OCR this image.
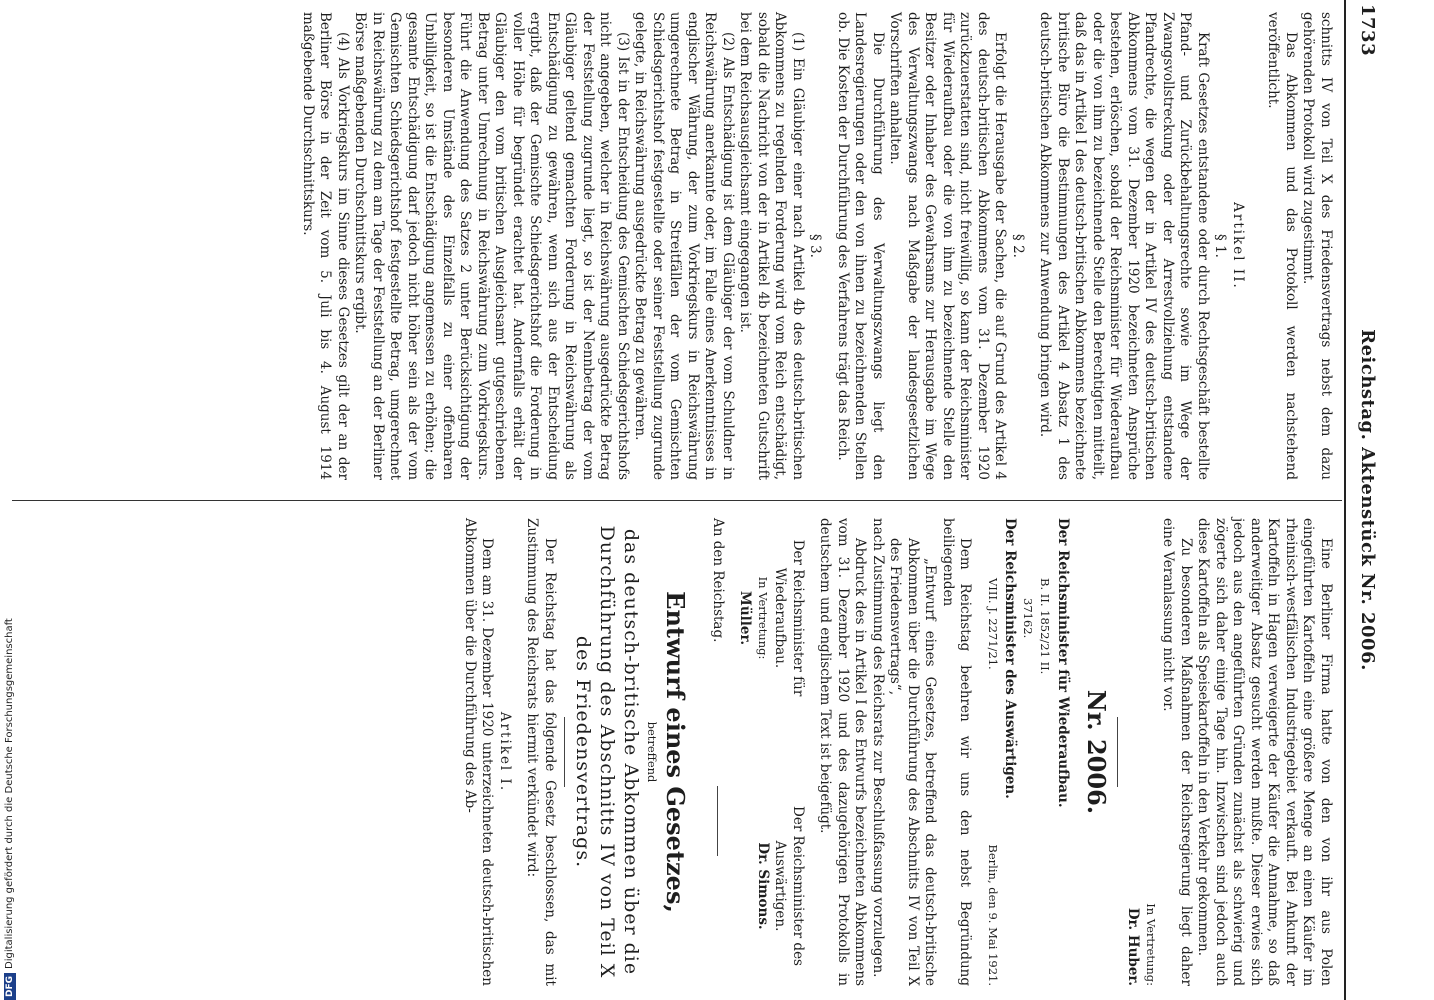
1733
Reichstag. Aktenstück Nr. 2006.

schnitts IV von Teil X des Friedensvertrags nebst dem dazu gehörenden Protokoll wird zugestimmt.

Das Abkommen und das Protokoll werden nachstehend veröffentlicht.

Artikel II.
§ 1.

Kraft Gesetzes entstandene oder durch Rechtsgeschäft bestellte Pfand- und Zurückbehaltungsrechte sowie im Wege der Zwangsvollstreckung oder der Arrestvollziehung entstandene Pfandrechte, die wegen der in Artikel IV des deutsch-britischen Abkommens vom 31. Dezember 1920 bezeichneten Ansprüche bestehen, erlöschen, sobald der Reichsminister für Wiederaufbau oder die von ihm zu bezeichnende Stelle den Berechtigten mitteilt, daß das in Artikel I des deutsch-britischen Abkommens bezeichnete britische Büro die Bestimmungen des Artikel 4 Absatz 1 des deutsch-britischen Abkommens zur Anwendung bringen wird.

§ 2.

Erfolgt die Herausgabe der Sachen, die auf Grund des Artikel 4 des deutsch-britischen Abkommens vom 31. Dezember 1920 zurückzuerstatten sind, nicht freiwillig, so kann der Reichsminister für Wiederaufbau oder die von ihm zu bezeichnende Stelle den Besitzer oder Inhaber des Gewahrsams zur Herausgabe im Wege des Verwaltungszwangs nach Maßgabe der landesgesetzlichen Vorschriften anhalten.

Die Durchführung des Verwaltungszwangs liegt den Landesregierungen oder den von ihnen zu bezeichnenden Stellen ob. Die Kosten der Durchführung des Verfahrens trägt das Reich.

§ 3.

(1) Ein Gläubiger einer nach Artikel 4b des deutsch-britischen Abkommens zu regelnden Forderung wird vom Reich entschädigt, sobald die Nachricht von der in Artikel 4b bezeichneten Gutschrift bei dem Reichsausgleichsamt eingegangen ist.

(2) Als Entschädigung ist dem Gläubiger der vom Schuldner in Reichswährung anerkannte oder, im Falle eines Anerkenntnisses in englischer Währung, der zum Vorkriegskurs in Reichswährung umgerechnete Betrag in Streitfällen der vom Gemischten Schiedsgerichtshof festgestellte oder seiner Feststellung zugrunde gelegte, in Reichswährung ausgedrückte Betrag zu gewähren.

(3) Ist in der Entscheidung des Gemischten Schiedsgerichtshofs nicht angegeben, welcher in Reichswährung ausgedrückte Betrag der Feststellung zugrunde liegt, so ist der Nennbetrag der vom Gläubiger geltend gemachten Forderung in Reichswährung als Entschädigung zu gewähren, wenn sich aus der Entscheidung ergibt, daß der Gemischte Schiedsgerichtshof die Forderung in voller Höhe für begründet erachtet hat. Andernfalls erhält der Gläubiger den vom britischen Ausgleichsamt gutgeschriebenen Betrag unter Umrechnung in Reichswährung zum Vorkriegskurs. Führt die Anwendung des Satzes 2 unter Berücksichtigung der besonderen Umstände des Einzelfalls zu einer offenbaren Unbilligkeit, so ist die Entschädigung angemessen zu erhöhen; die gesamte Entschädigung darf jedoch nicht höher sein als der vom Gemischten Schiedsgerichtshof festgestellte Betrag, umgerechnet in Reichswährung zu dem am Tage der Feststellung an der Berliner Börse maßgebenden Durchschnittskurs ergibt.

(4) Als Vorkriegskurs im Sinne dieses Gesetzes gilt der an der Berliner Börse in der Zeit vom 5. Juli bis 4. August 1914 maßgebende Durchschnittskurs.

Eine Berliner Firma hatte von den von ihr aus Polen eingeführten Kartoffeln eine größere Menge an einen Käufer im rheinisch-westfälischen Industriegebiet verkauft. Bei Ankunft der Kartoffeln in Hagen verweigerte der Käufer die Annahme, so daß anderweitiger Absatz gesucht werden mußte. Dieser erwies sich jedoch aus den angeführten Gründen zunächst als schwierig und zögerte sich daher einige Tage hin. Inzwischen sind jedoch auch diese Kartoffeln als Speisekartoffeln in den Verkehr gekommen.

Zu besonderen Maßnahmen der Reichsregierung liegt daher eine Veranlassung nicht vor.

In Vertretung:
Dr. Huber.
Nr. 2006.
Der Reichsminister für Wiederaufbau.
B. II. 1852/21 II.
37162.
Der Reichsminister des Auswärtigen.
VIII. J. 2271/21.
Berlin, den 9. Mai 1921.

Dem Reichstag beehren wir uns den nebst Begründung beiliegenden

„Entwurf eines Gesetzes, betreffend das deutsch-britische Abkommen über die Durchführung des Abschnitts IV von Teil X des Friedensvertrags“,

nach Zustimmung des Reichsrats zur Beschlußfassung vorzulegen.

Abdruck des in Artikel I des Entwurfs bezeichneten Abkommens vom 31. Dezember 1920 und des dazugehörigen Protokolls in deutschem und englischem Text ist beigefügt.

Der Reichsminister für Wiederaufbau.
In Vertretung:
Müller.
Der Reichsminister des Auswärtigen.
Dr. Simons.
An den Reichstag.
Entwurf eines Gesetzes,
betreffend
das deutsch-britische Abkommen über die Durchführung des Abschnitts IV von Teil X des Friedensvertrags.

Der Reichstag hat das folgende Gesetz beschlossen, das mit Zustimmung des Reichsrats hiermit verkündet wird:

Artikel I.

Dem am 31. Dezember 1920 unterzeichneten deutsch-britischen Abkommen über die Durchführung des Ab-

DFGDigitalisierung gefördert durch die Deutsche Forschungsgemeinschaft
